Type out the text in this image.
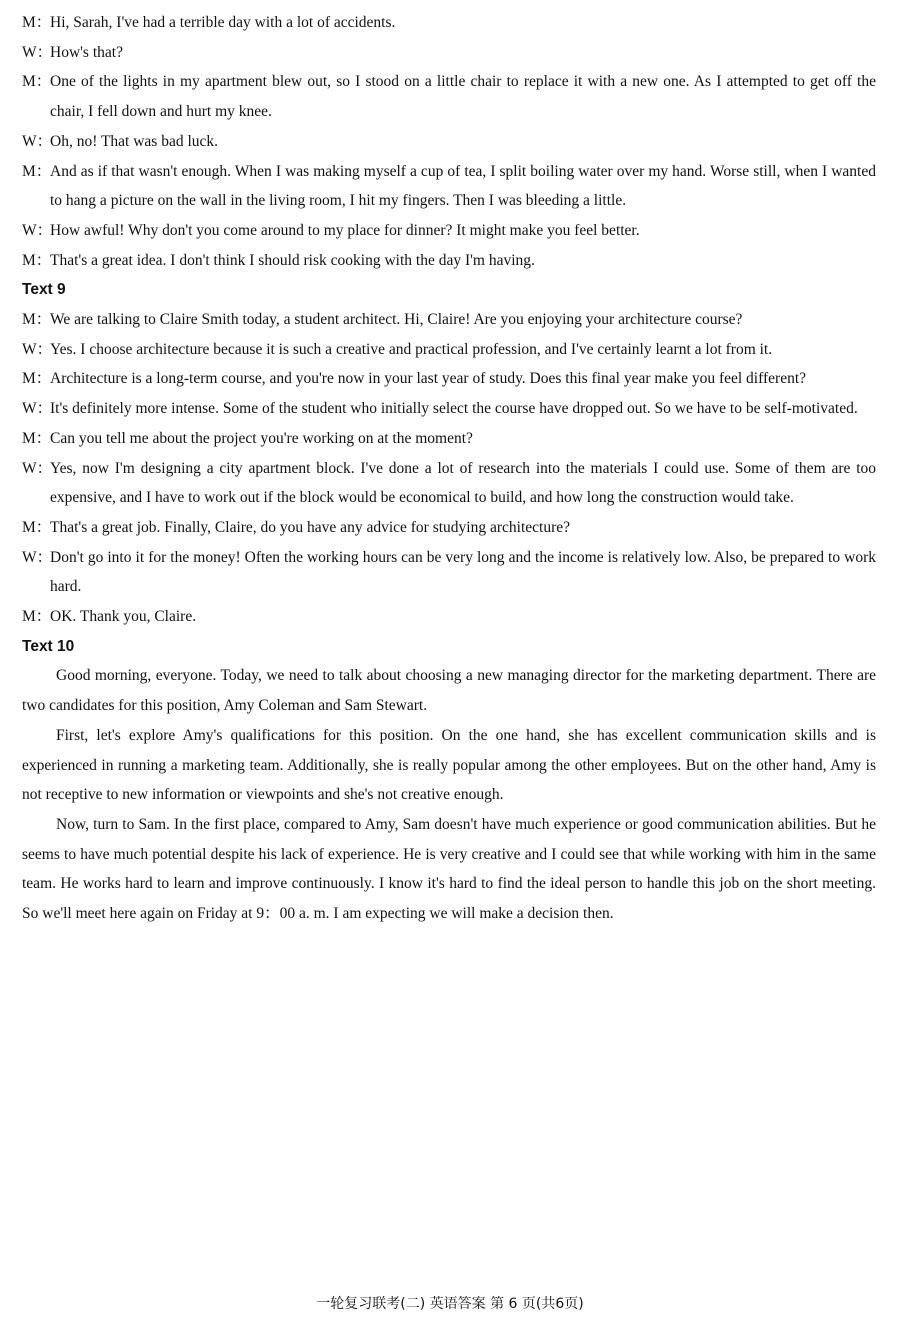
M：
Hi, Sarah, I've had a terrible day with a lot of accidents.
W：
How's that?
M：
One of the lights in my apartment blew out, so I stood on a little chair to replace it with a new one. As I attempted to get off the chair, I fell down and hurt my knee.
W：
Oh, no! That was bad luck.
M：
And as if that wasn't enough. When I was making myself a cup of tea, I split boiling water over my hand. Worse still, when I wanted to hang a picture on the wall in the living room, I hit my fingers. Then I was bleeding a little.
W：
How awful! Why don't you come around to my place for dinner? It might make you feel better.
M：
That's a great idea. I don't think I should risk cooking with the day I'm having.
Text 9
M：
We are talking to Claire Smith today, a student architect. Hi, Claire! Are you enjoying your architecture course?
W：
Yes. I choose architecture because it is such a creative and practical profession, and I've certainly learnt a lot from it.
M：
Architecture is a long-term course, and you're now in your last year of study. Does this final year make you feel different?
W：
It's definitely more intense. Some of the student who initially select the course have dropped out. So we have to be self-motivated.
M：
Can you tell me about the project you're working on at the moment?
W：
Yes, now I'm designing a city apartment block. I've done a lot of research into the materials I could use. Some of them are too expensive, and I have to work out if the block would be economical to build, and how long the construction would take.
M：
That's a great job. Finally, Claire, do you have any advice for studying architecture?
W：
Don't go into it for the money! Often the working hours can be very long and the income is relatively low. Also, be prepared to work hard.
M：
OK. Thank you, Claire.
Text 10

Good morning, everyone. Today, we need to talk about choosing a new managing director for the marketing department. There are two candidates for this position, Amy Coleman and Sam Stewart.

First, let's explore Amy's qualifications for this position. On the one hand, she has excellent communication skills and is experienced in running a marketing team. Additionally, she is really popular among the other employees. But on the other hand, Amy is not receptive to new information or viewpoints and she's not creative enough.

Now, turn to Sam. In the first place, compared to Amy, Sam doesn't have much experience or good communication abilities. But he seems to have much potential despite his lack of experience. He is very creative and I could see that while working with him in the same team. He works hard to learn and improve continuously. I know it's hard to find the ideal person to handle this job on the short meeting. So we'll meet here again on Friday at 9：00 a. m. I am expecting we will make a decision then.

一轮复习联考(二) 英语答案 第 6 页(共6页)
